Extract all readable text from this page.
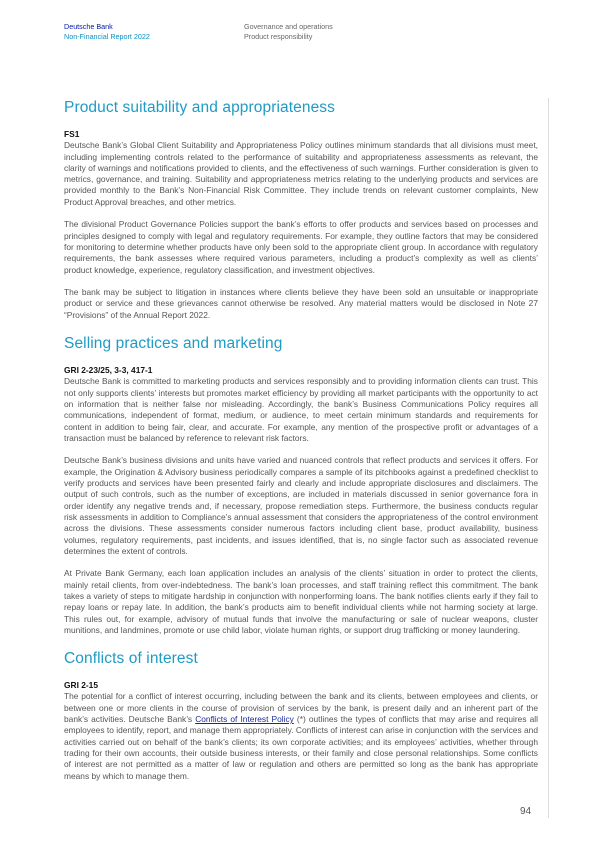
Deutsche Bank
Non-Financial Report 2022
Governance and operations
Product responsibility
Product suitability and appropriateness
FS1

Deutsche Bank’s Global Client Suitability and Appropriateness Policy outlines minimum standards that all divisions must meet, including implementing controls related to the performance of suitability and appropriateness assessments as relevant, the clarity of warnings and notifications provided to clients, and the effectiveness of such warnings. Further consideration is given to metrics, governance, and training. Suitability and appropriateness metrics relating to the underlying products and services are provided monthly to the Bank’s Non-Financial Risk Committee. They include trends on relevant customer complaints, New Product Approval breaches, and other metrics.

The divisional Product Governance Policies support the bank’s efforts to offer products and services based on processes and principles designed to comply with legal and regulatory requirements. For example, they outline factors that may be considered for monitoring to determine whether products have only been sold to the appropriate client group. In accordance with regulatory requirements, the bank assesses where required various parameters, including a product’s complexity as well as clients’ product knowledge, experience, regulatory classification, and investment objectives.

The bank may be subject to litigation in instances where clients believe they have been sold an unsuitable or inappropriate product or service and these grievances cannot otherwise be resolved. Any material matters would be disclosed in Note 27 “Provisions” of the Annual Report 2022.

Selling practices and marketing
GRI 2-23/25, 3-3, 417-1

Deutsche Bank is committed to marketing products and services responsibly and to providing information clients can trust. This not only supports clients’ interests but promotes market efficiency by providing all market participants with the opportunity to act on information that is neither false nor misleading. Accordingly, the bank’s Business Communications Policy requires all communications, independent of format, medium, or audience, to meet certain minimum standards and requirements for content in addition to being fair, clear, and accurate. For example, any mention of the prospective profit or advantages of a transaction must be balanced by reference to relevant risk factors.

Deutsche Bank’s business divisions and units have varied and nuanced controls that reflect products and services it offers. For example, the Origination & Advisory business periodically compares a sample of its pitchbooks against a predefined checklist to verify products and services have been presented fairly and clearly and include appropriate disclosures and disclaimers. The output of such controls, such as the number of exceptions, are included in materials discussed in senior governance fora in order identify any negative trends and, if necessary, propose remediation steps. Furthermore, the business conducts regular risk assessments in addition to Compliance’s annual assessment that considers the appropriateness of the control environment across the divisions. These assessments consider numerous factors including client base, product availability, business volumes, regulatory requirements, past incidents, and issues identified, that is, no single factor such as associated revenue determines the extent of controls.

At Private Bank Germany, each loan application includes an analysis of the clients’ situation in order to protect the clients, mainly retail clients, from over-indebtedness. The bank’s loan processes, and staff training reflect this commitment. The bank takes a variety of steps to mitigate hardship in conjunction with nonperforming loans. The bank notifies clients early if they fail to repay loans or repay late. In addition, the bank’s products aim to benefit individual clients while not harming society at large. This rules out, for example, advisory of mutual funds that involve the manufacturing or sale of nuclear weapons, cluster munitions, and landmines, promote or use child labor, violate human rights, or support drug trafficking or money laundering.

Conflicts of interest
GRI 2-15

The potential for a conflict of interest occurring, including between the bank and its clients, between employees and clients, or between one or more clients in the course of provision of services by the bank, is present daily and an inherent part of the bank’s activities. Deutsche Bank’s Conflicts of Interest Policy (*) outlines the types of conflicts that may arise and requires all employees to identify, report, and manage them appropriately. Conflicts of interest can arise in conjunction with the services and activities carried out on behalf of the bank’s clients; its own corporate activities; and its employees’ activities, whether through trading for their own accounts, their outside business interests, or their family and close personal relationships. Some conflicts of interest are not permitted as a matter of law or regulation and others are permitted so long as the bank has appropriate means by which to manage them.

94
